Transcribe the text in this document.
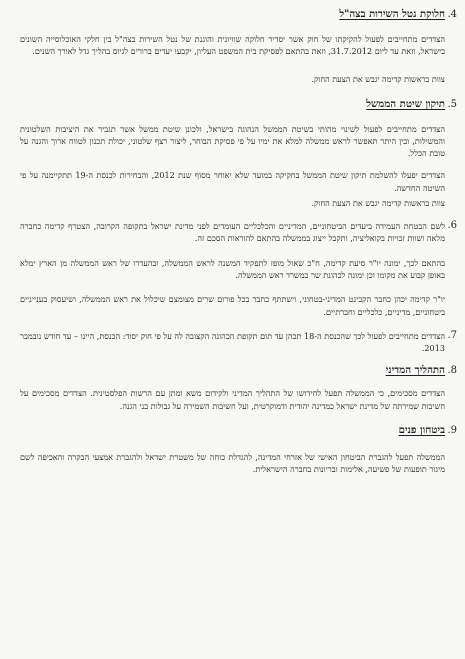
4.
חלוקת נטל השירות בצה"ל

הצדדים מתחייבים לפעול להקיקתו של חוק אשר יסדיר חלוקה שוויונית והוגנת של נטל השירות בצה"ל בין חלקי האוכלוסייה השונים בישראל, וזאת עד ליום 31.7.2012, וזאת בהתאם לפסיקת בית המשפט העליון, יקבעו יעדים ברורים לגיוס בהליך גדל לאורך השנים.

צוות בראשות קדימה יגבש את הצעת החוק.

5.
תיקון שיטת הממשל

הצדדים מתחייבים לפעול לשינוי מהותי בשיטת הממשל הנהוגה בישראל, ולכונן שיטת ממשל אשר תגביר את היציבות השלטונית והמשילות, ובין היתר תאפשר לראש ממשלה למלא את ימיו על פי פסיקת הבוחר, ליצור רצף שלטוני, יכולת תכנון לטווח ארוך והגנה על טובת הכלל.

הצדדים יפעלו להשלמת תיקון שיטת הממשל בחקיקה במועד שלא יאוחר מסוף שנת 2012, והבחירות לכנסת ה-19 תתקיימנה על פי השיטה החדשה.

צוות בראשות קדימה יגבש את הצעת החוק.

6.

לשם הבטחת העמידה ביעדים הביטחוניים, המדיניים והכלכליים העומדים לפני מדינת ישראל בתקופה הקרובה, הצטרף קדימה כחברה מלאה ושוות זכויות בקואליציה, ותקבל ייצוג בממשלה בהתאם להוראות הסכם זה.

בהתאם לכך, ימונה יו"ר סיעת קדימה, ח"כ שאול מופז לתפקיד המשנה לראש הממשלה, ובהעדרו של ראש הממשלה מן הארץ ימלא באופן קבוע את מקומו וכן ימונה לכהונת שר במשרד ראש הממשלה.

יו"ר קדימה יכהן כחבר הקבינט המדיני-בטחוני, וישתתף כחבר בכל פורום שרים מצומצם שיכלול את ראש הממשלה, ושיעסוק בענייניים ביטחוניים, מדיניים, כלכליים וחברתיים.

7.

הצדדים מתחייבים לפעול לכך שהכנסת ה-18 תכהן עד תום תקופת הכהונה הקצובה לה על פי חוק יסוד: הכנסת, היינו – עד חודש נובמבר 2013.

8.
התהליך המדיני

הצדדים מסכימים, כי הממשלה תפעל לחידושו של התהליך המדיני ולקידום משא ומתן עם הרשות הפלסטינית. הצדדים מסכימים על חשיבות שמירתה של מדינת ישראל כמדינה יהודית ודמוקרטית, ועל חשיבות השמירה על גבולות בני הגנה.

9.
ביטחון פנים

הממשלה תפעל להגברת הביטחון האישי של אזרחי המדינה, להגדלת כוחה של משטרת ישראל ולהגברת אמצעי הבקרה והאכיפה לשם מיגור תופעות של פשיעה, אלימות ובריונות בחברה הישראלית.
